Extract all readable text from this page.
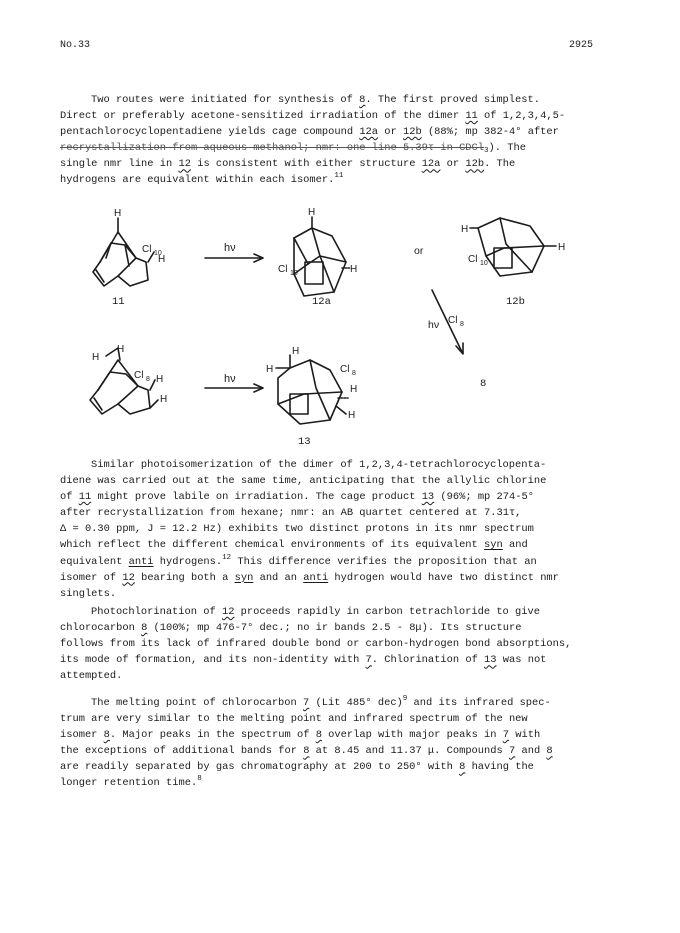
No.33	2925
Two routes were initiated for synthesis of 8. The first proved simplest.
Direct or preferably acetone-sensitized irradiation of the dimer 11 of 1,2,3,4,5-
pentachlorocyclopentadiene yields cage compound 12a or 12b (88%; mp 382-4° after
recrystallization from aqueous methanol; nmr: one line 5.39τ in CDCl$_3$). The
single nmr line in 12 is consistent with either structure 12a or 12b. The
hydrogens are equivalent within each isomer.$^{11}$
H
Cl 10
H
hν
H
Cl 10	H
or
H
Cl 10
H
hν Cl 8
H
H
Cl 8 H
H
hν
H
H	Cl 8
H
H
11	12a	12b
8
13
Similar photoisomerization of the dimer of 1,2,3,4-tetrachlorocyclopenta-
diene was carried out at the same time, anticipating that the allylic chlorine
of 11 might prove labile on irradiation. The cage product 13 (96%; mp 274-5°
after recrystallization from hexane; nmr: an AB quartet centered at 7.31τ,
Δ = 0.30 ppm, J = 12.2 Hz) exhibits two distinct protons in its nmr spectrum
which reflect the different chemical environments of its equivalent syn and
equivalent anti hydrogens.$^{12}$ This difference verifies the proposition that an
isomer of 12 bearing both a syn and an anti hydrogen would have two distinct nmr
singlets.
Photochlorination of 12 proceeds rapidly in carbon tetrachloride to give
chlorocarbon 8 (100%; mp 476-7° dec.; no ir bands 2.5 - 8μ). Its structure
follows from its lack of infrared double bond or carbon-hydrogen bond absorptions,
its mode of formation, and its non-identity with 7. Chlorination of 13 was not
attempted.
The melting point of chlorocarbon 7 (Lit 485° dec)$^9$ and its infrared spec-
trum are very similar to the melting point and infrared spectrum of the new
isomer 8. Major peaks in the spectrum of 8 overlap with major peaks in 7 with
the exceptions of additional bands for 8 at 8.45 and 11.37 μ. Compounds 7 and 8
are readily separated by gas chromatography at 200 to 250° with 8 having the
longer retention time.$^8$
